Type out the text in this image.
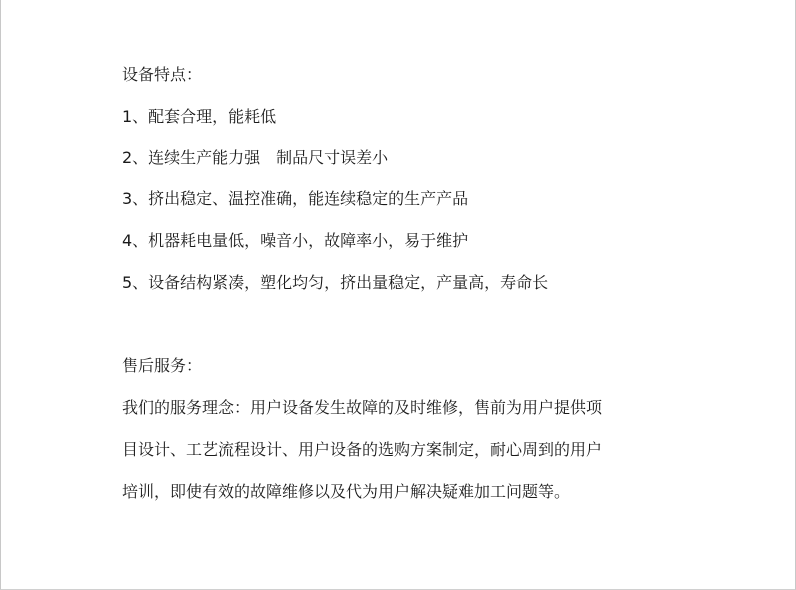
设备特点：
1、配套合理，能耗低
2、连续生产能力强　制品尺寸误差小
3、挤出稳定、温控准确，能连续稳定的生产产品
4、机器耗电量低，噪音小，故障率小，易于维护
5、设备结构紧凑，塑化均匀，挤出量稳定，产量高，寿命长
售后服务：
我们的服务理念：用户设备发生故障的及时维修，售前为用户提供项
目设计、工艺流程设计、用户设备的选购方案制定，耐心周到的用户
培训，即使有效的故障维修以及代为用户解决疑难加工问题等。
